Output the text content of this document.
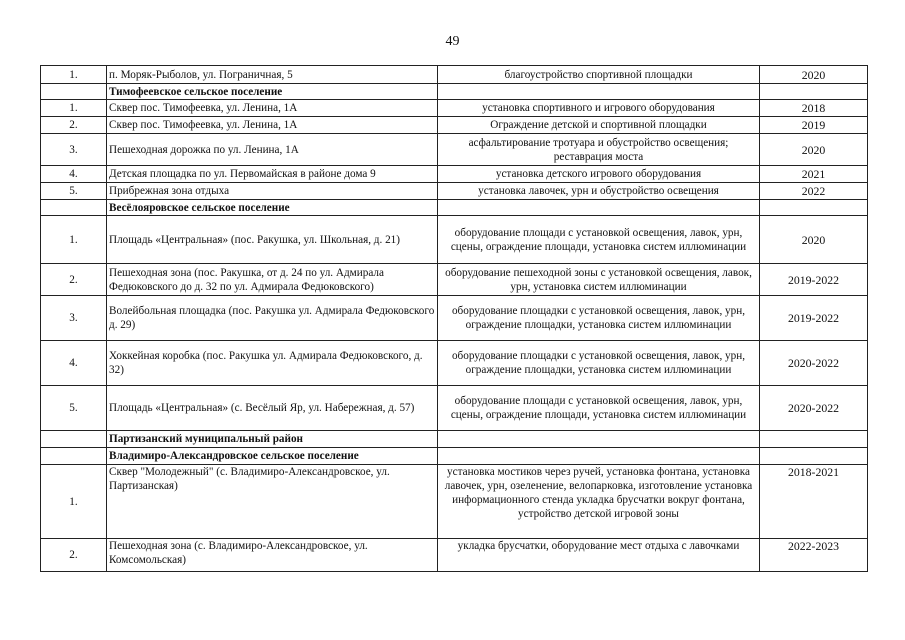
49
1.	п. Моряк-Рыболов, ул. Пограничная, 5	благоустройство спортивной площадки	2020
	Тимофеевское сельское поселение		
1.	Сквер пос. Тимофеевка, ул. Ленина, 1А	установка спортивного и игрового оборудования	2018
2.	Сквер пос. Тимофеевка, ул. Ленина, 1А	Ограждение детской и спортивной площадки	2019
3.	Пешеходная дорожка по ул. Ленина, 1А	асфальтирование тротуара и обустройство освещения; реставрация моста	2020
4.	Детская площадка по ул. Первомайская в районе дома 9	установка детского игрового оборудования	2021
5.	Прибрежная зона отдыха	установка лавочек, урн и обустройство освещения	2022
	Весёлояровское сельское поселение		
1.	Площадь «Центральная» (пос. Ракушка, ул. Школьная, д. 21)	оборудование площади с установкой освещения, лавок, урн, сцены, ограждение площади, установка систем иллюминации	2020
2.	Пешеходная зона (пос. Ракушка, от д. 24 по ул. Адмирала Федюковского до д. 32 по ул. Адмирала Федюковского)	оборудование пешеходной зоны с установкой освещения, лавок, урн, установка систем иллюминации	2019-2022
3.	Волейбольная площадка (пос. Ракушка ул. Адмирала Федюковского д. 29)	оборудование площадки с установкой освещения, лавок, урн, ограждение площадки, установка систем иллюминации	2019-2022
4.	Хоккейная коробка (пос. Ракушка ул. Адмирала Федюковского, д. 32)	оборудование площадки с установкой освещения, лавок, урн, ограждение площадки, установка систем иллюминации	2020-2022
5.	Площадь «Центральная» (с. Весёлый Яр, ул. Набережная, д. 57)	оборудование площади с установкой освещения, лавок, урн, сцены, ограждение площади, установка систем иллюминации	2020-2022
	Партизанский муниципальный район		
	Владимиро-Александровское сельское поселение		
1.	Сквер "Молодежный" (с. Владимиро-Александровское, ул. Партизанская)	установка мостиков через ручей, установка фонтана, установка лавочек, урн, озеленение, велопарковка, изготовление установка информационного стенда укладка брусчатки вокруг фонтана, устройство детской игровой зоны	2018-2021
2.	Пешеходная зона (с. Владимиро-Александровское, ул. Комсомольская)	укладка брусчатки, оборудование мест отдыха с лавочками	2022-2023
